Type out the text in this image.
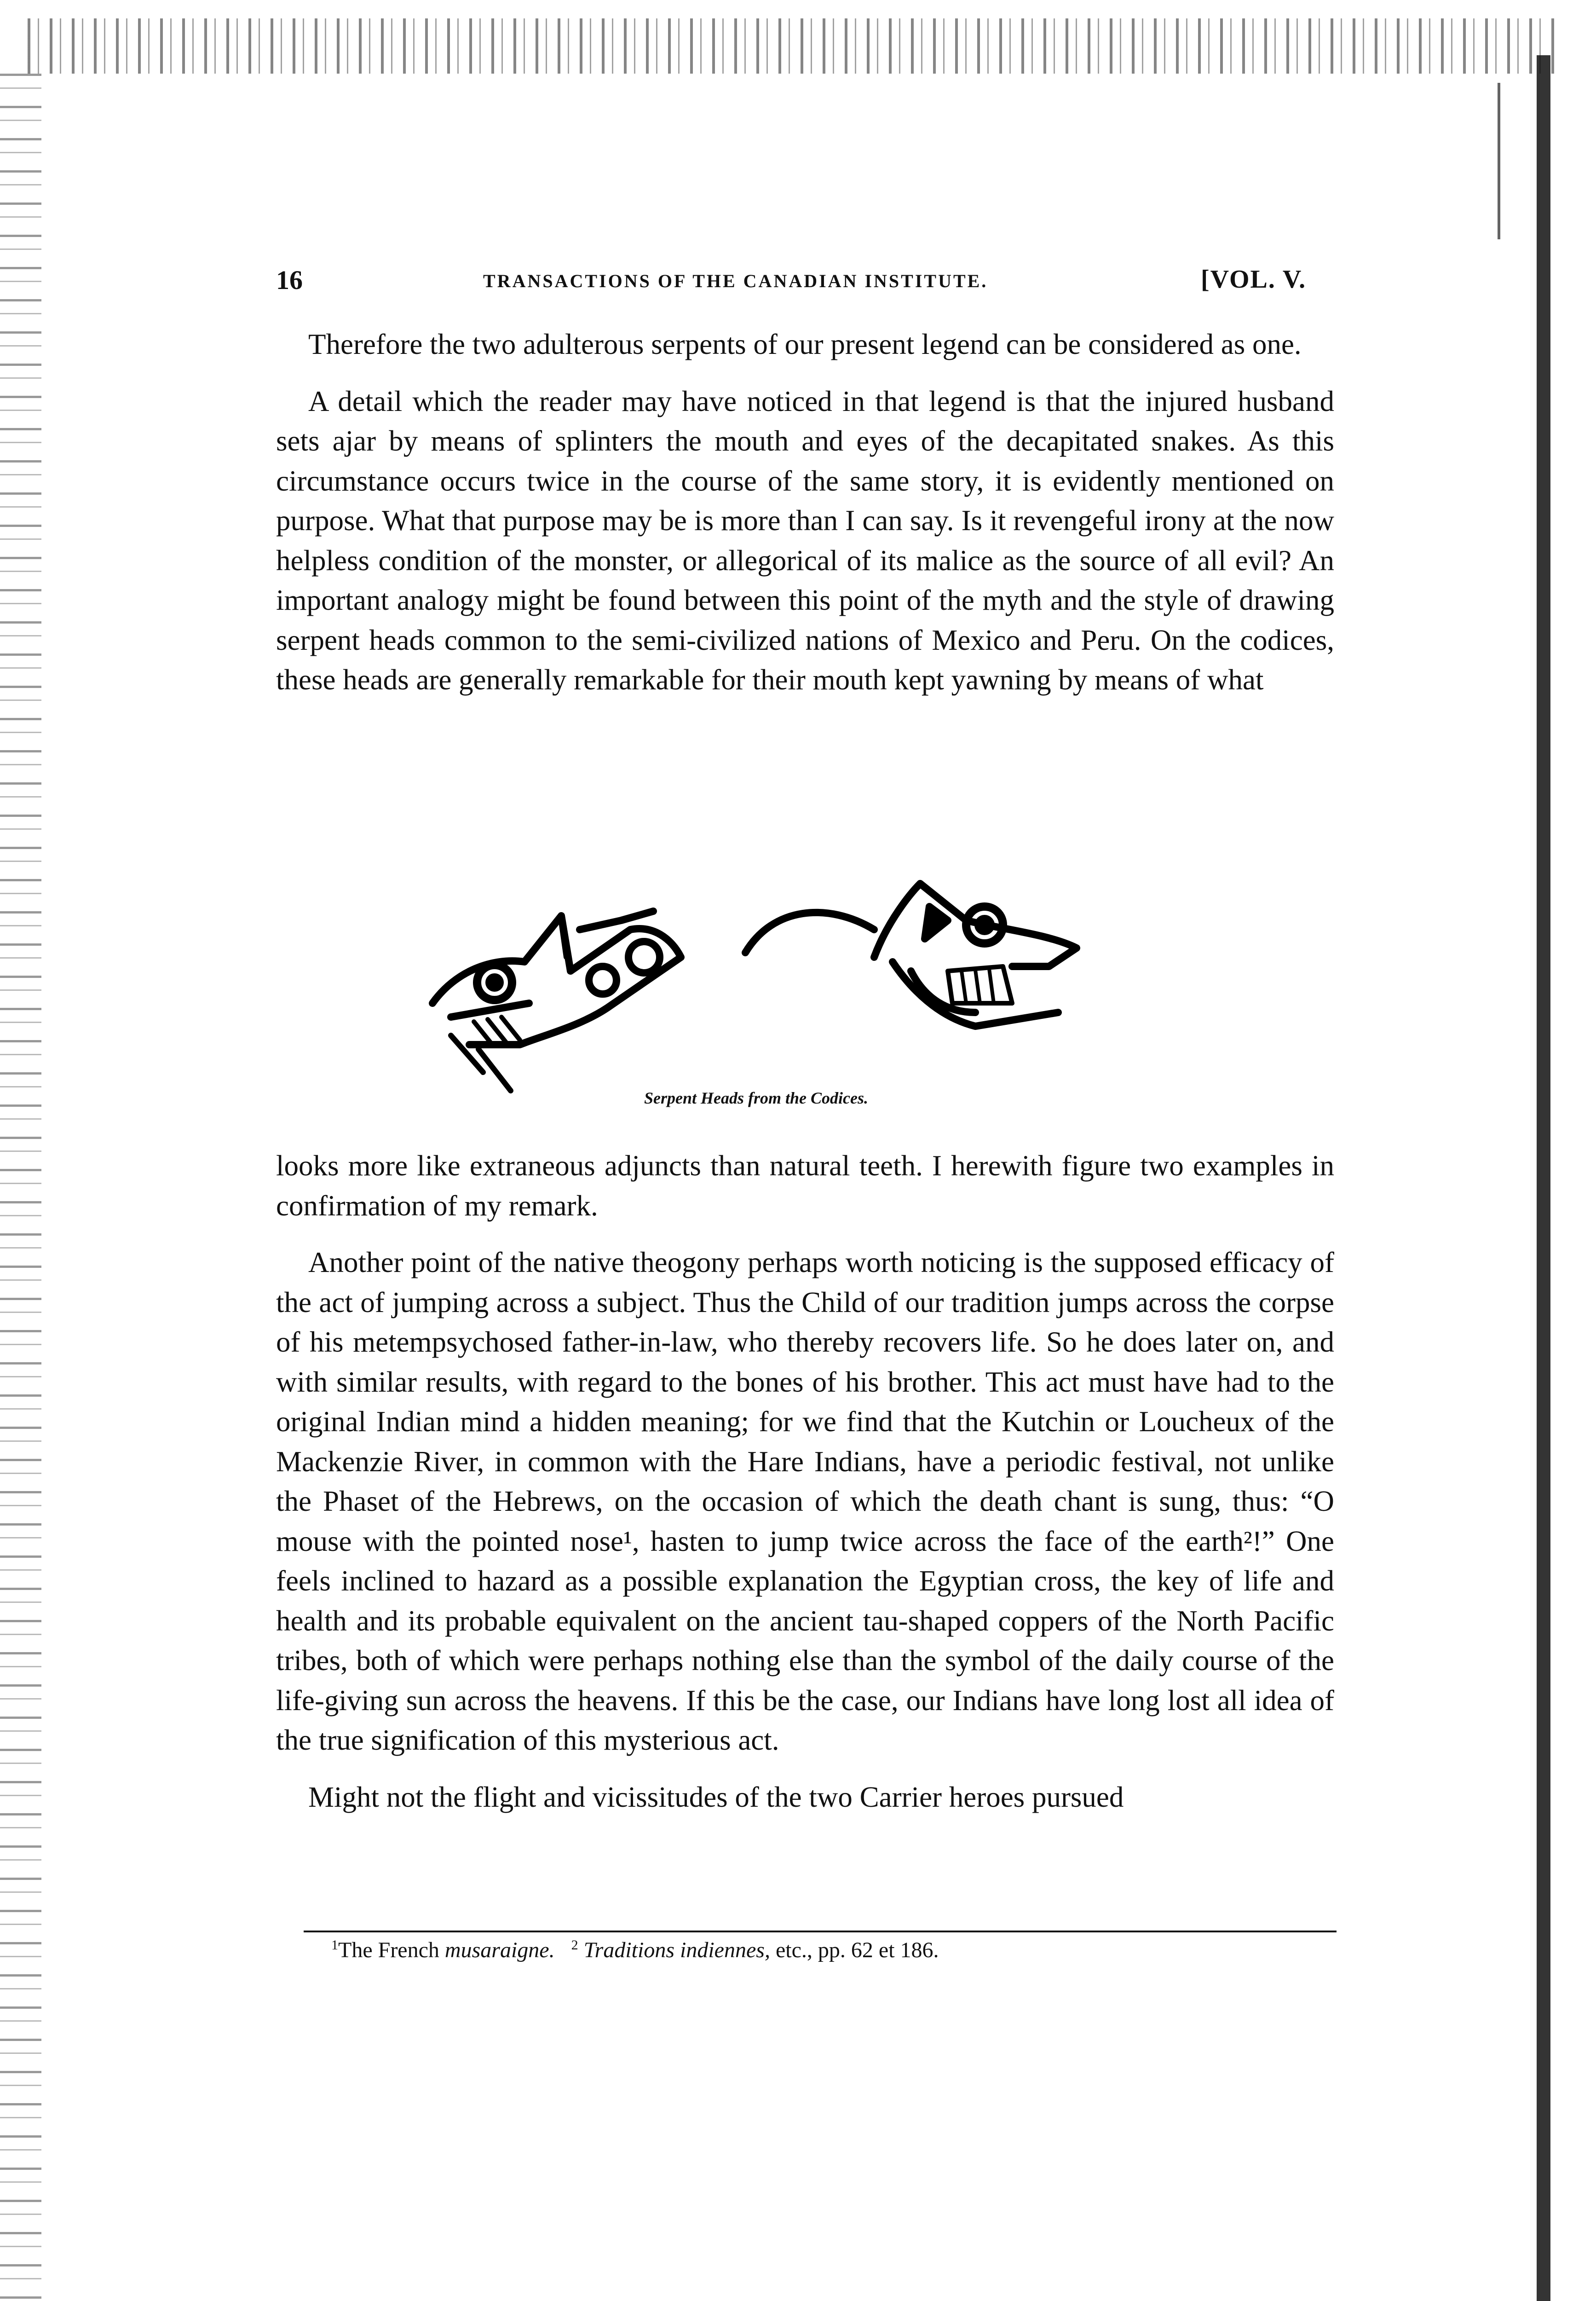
16	TRANSACTIONS OF THE CANADIAN INSTITUTE.	[VOL. V.

Therefore the two adulterous serpents of our present legend can be considered as one.

A detail which the reader may have noticed in that legend is that the injured husband sets ajar by means of splinters the mouth and eyes of the decapitated snakes. As this circumstance occurs twice in the course of the same story, it is evidently mentioned on purpose. What that purpose may be is more than I can say. Is it revengeful irony at the now helpless condition of the monster, or allegorical of its malice as the source of all evil? An important analogy might be found between this point of the myth and the style of drawing serpent heads common to the semi-civilized nations of Mexico and Peru. On the codices, these heads are generally remarkable for their mouth kept yawning by means of what

Serpent Heads from the Codices.

looks more like extraneous adjuncts than natural teeth. I herewith figure two examples in confirmation of my remark.

Another point of the native theogony perhaps worth noticing is the supposed efficacy of the act of jumping across a subject. Thus the Child of our tradition jumps across the corpse of his metempsychosed father-in-law, who thereby recovers life. So he does later on, and with similar results, with regard to the bones of his brother. This act must have had to the original Indian mind a hidden meaning; for we find that the Kutchin or Loucheux of the Mackenzie River, in common with the Hare Indians, have a periodic festival, not unlike the Phaset of the Hebrews, on the occasion of which the death chant is sung, thus: “O mouse with the pointed nose¹, hasten to jump twice across the face of the earth²!” One feels inclined to hazard as a possible explanation the Egyptian cross, the key of life and health and its probable equivalent on the ancient tau-shaped coppers of the North Pacific tribes, both of which were perhaps nothing else than the symbol of the daily course of the life-giving sun across the heavens. If this be the case, our Indians have long lost all idea of the true signification of this mysterious act.

Might not the flight and vicissitudes of the two Carrier heroes pursued

$^1$The French musaraigne. $^2$ Traditions indiennes, etc., pp. 62 et 186.
